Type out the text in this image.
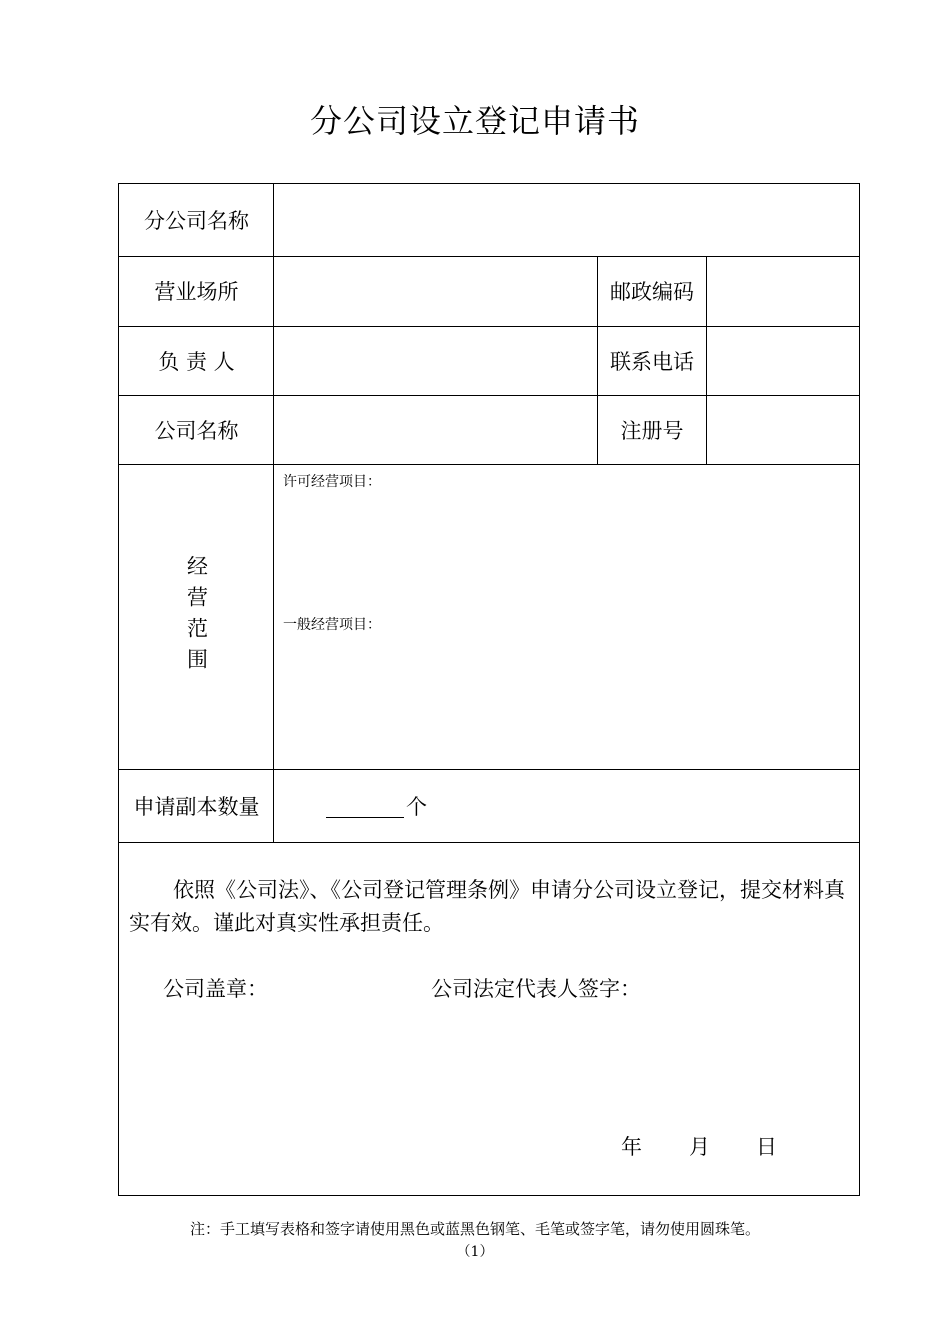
分公司设立登记申请书
分公司名称
营业场所	邮政编码
负 责 人	联系电话
公司名称	注册号
经营范围
许可经营项目：
一般经营项目：
申请副本数量	个
依照《公司法》、《公司登记管理条例》申请分公司设立登记，提交材料真实有效。谨此对真实性承担责任。
公司盖章：	公司法定代表人签字：
年 月 日
注：手工填写表格和签字请使用黑色或蓝黑色钢笔、毛笔或签字笔，请勿使用圆珠笔。
（1）
